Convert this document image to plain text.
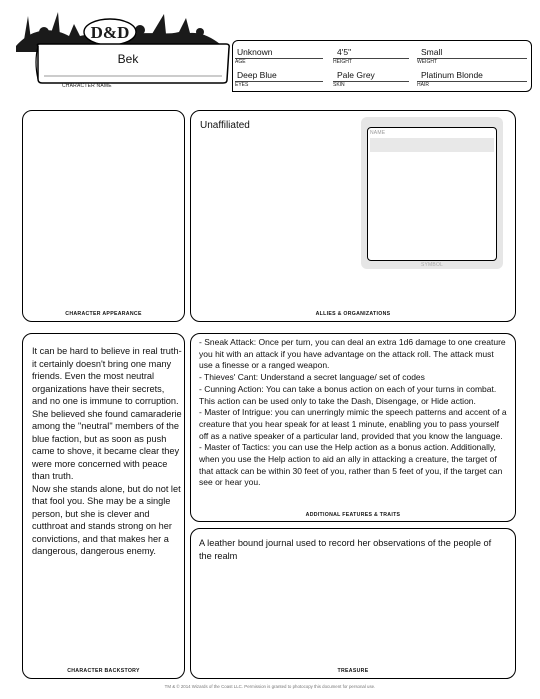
D&D
Bek
CHARACTER NAME
Unknown	4'5"	Small
AGE	HEIGHT	WEIGHT
Deep Blue	Pale Grey	Platinum Blonde
EYES	SKIN	HAIR
CHARACTER APPEARANCE
Unaffiliated
NAME
SYMBOL
ALLIES & ORGANIZATIONS
It can be hard to believe in real truth- it certainly doesn't bring one many friends. Even the most neutral organizations have their secrets, and no one is immune to corruption. She believed she found camaraderie among the "neutral" members of the blue faction, but as soon as push came to shove, it became clear they were more concerned with peace than truth.
Now she stands alone, but do not let that fool you. She may be a single person, but she is clever and cutthroat and stands strong on her convictions, and that makes her a dangerous, dangerous enemy.
CHARACTER BACKSTORY
- Sneak Attack: Once per turn, you can deal an extra 1d6 damage to one creature you hit with an attack if you have advantage on the attack roll. The attack must use a finesse or a ranged weapon.
- Thieves' Cant: Understand a secret language/ set of codes
- Cunning Action: You can take a bonus action on each of your turns in combat. This action can be used only to take the Dash, Disengage, or Hide action.
- Master of Intrigue: you can unerringly mimic the speech patterns and accent of a creature that you hear speak for at least 1 minute, enabling you to pass yourself off as a native speaker of a particular land, provided that you know the language.
- Master of Tactics: you can use the Help action as a bonus action. Additionally, when you use the Help action to aid an ally in attacking a creature, the target of that attack can be within 30 feet of you, rather than 5 feet of you, if the target can see or hear you.
ADDITIONAL FEATURES & TRAITS
A leather bound journal used to record her observations of the people of the realm
TREASURE
TM & © 2014 Wizards of the Coast LLC. Permission is granted to photocopy this document for personal use.
